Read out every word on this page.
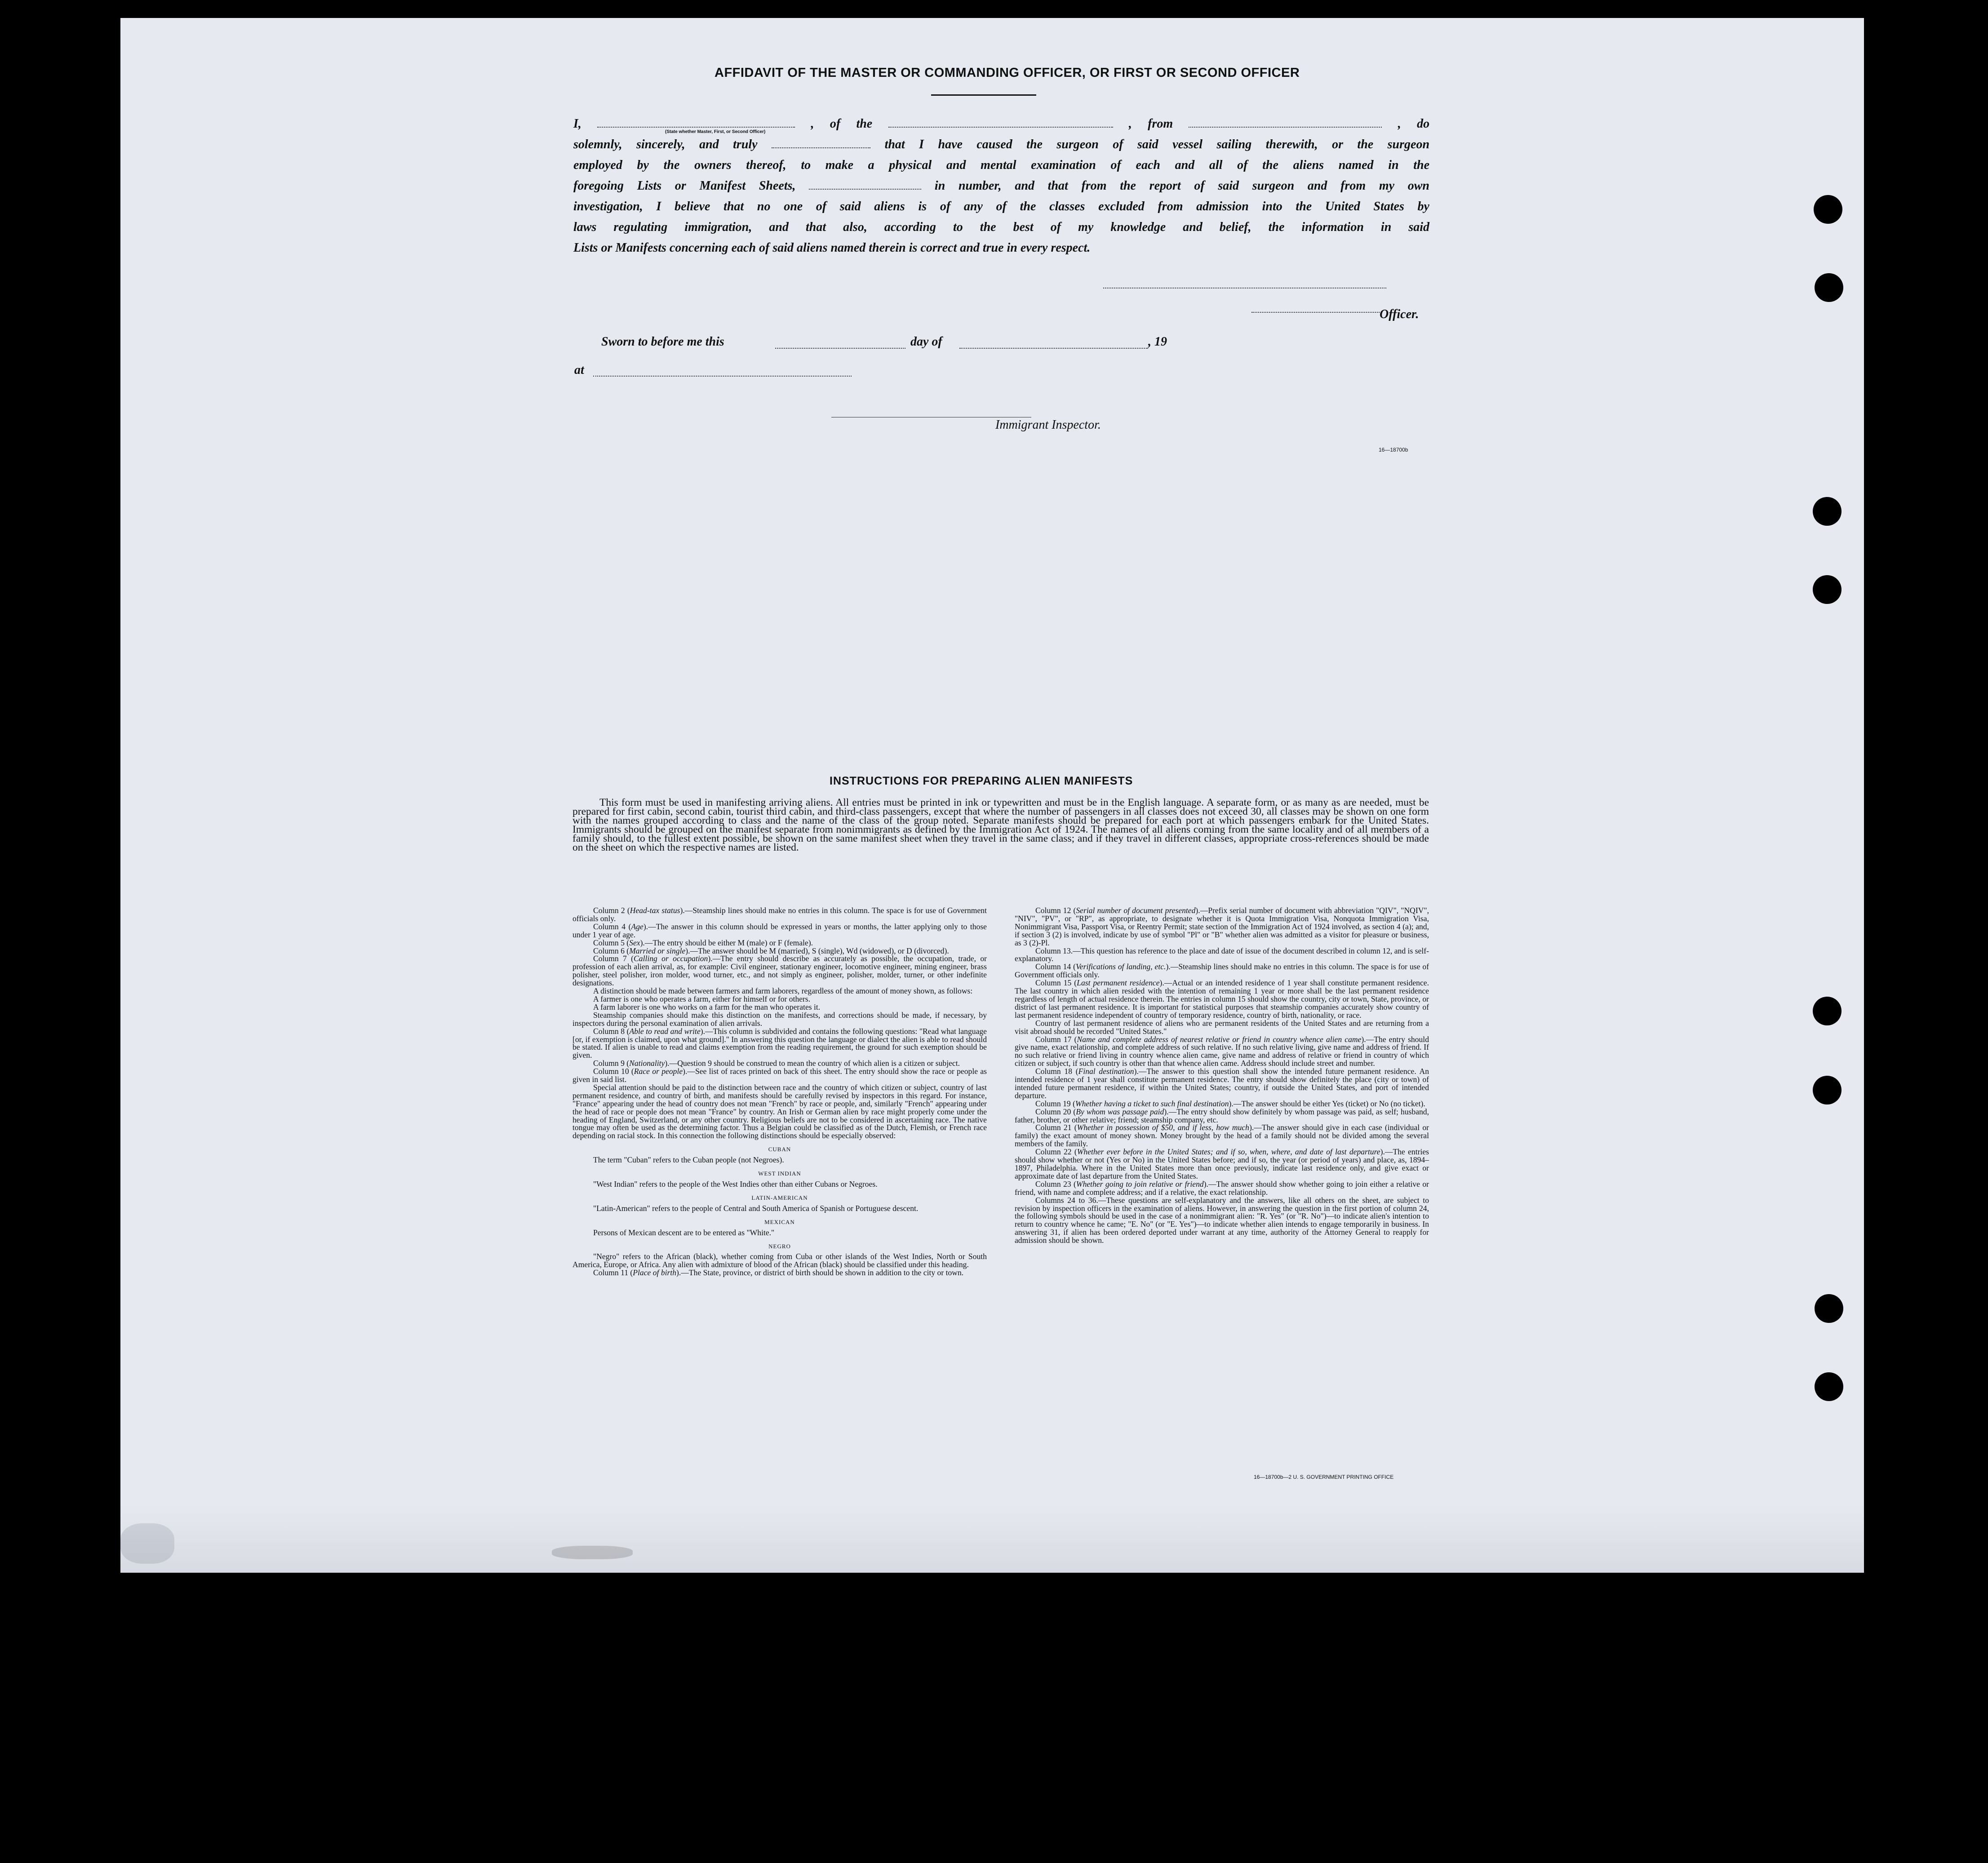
AFFIDAVIT OF THE MASTER OR COMMANDING OFFICER, OR FIRST OR SECOND OFFICER
I,	, of the	, from	, do
solemnly, sincerely, and truly	that I have caused the surgeon of said vessel sailing therewith, or the surgeon
employed by the owners thereof, to make a physical and mental examination of each and all of the aliens named in the
foregoing Lists or Manifest Sheets,	in number, and that from the report of said surgeon and from my own
investigation, I believe that no one of said aliens is of any of the classes excluded from admission into the United States by
laws regulating immigration, and that also, according to the best of my knowledge and belief, the information in said
Lists or Manifests concerning each of said aliens named therein is correct and true in every respect.
(State whether Master, First, or Second Officer)
Officer.
Sworn to before me this	day of	, 19
at
Immigrant Inspector.
16—18700b
INSTRUCTIONS FOR PREPARING ALIEN MANIFESTS

This form must be used in manifesting arriving aliens. All entries must be printed in ink or typewritten and must be in the English language. A separate form, or as many as are needed, must be prepared for first cabin, second cabin, tourist third cabin, and third-class passengers, except that where the number of passengers in all classes does not exceed 30, all classes may be shown on one form with the names grouped according to class and the name of the class of the group noted. Separate manifests should be prepared for each port at which passengers embark for the United States. Immigrants should be grouped on the manifest separate from nonimmigrants as defined by the Immigration Act of 1924. The names of all aliens coming from the same locality and of all members of a family should, to the fullest extent possible, be shown on the same manifest sheet when they travel in the same class; and if they travel in different classes, appropriate cross-references should be made on the sheet on which the respective names are listed.

Column 2 (Head-tax status).—Steamship lines should make no entries in this column. The space is for use of Government officials only.

Column 4 (Age).—The answer in this column should be expressed in years or months, the latter applying only to those under 1 year of age.

Column 5 (Sex).—The entry should be either M (male) or F (female).

Column 6 (Married or single).—The answer should be M (married), S (single), Wd (widowed), or D (divorced).

Column 7 (Calling or occupation).—The entry should describe as accurately as possible, the occupation, trade, or profession of each alien arrival, as, for example: Civil engineer, stationary engineer, locomotive engineer, mining engineer, brass polisher, steel polisher, iron molder, wood turner, etc., and not simply as engineer, polisher, molder, turner, or other indefinite designations.

A distinction should be made between farmers and farm laborers, regardless of the amount of money shown, as follows:

A farmer is one who operates a farm, either for himself or for others.

A farm laborer is one who works on a farm for the man who operates it.

Steamship companies should make this distinction on the manifests, and corrections should be made, if necessary, by inspectors during the personal examination of alien arrivals.

Column 8 (Able to read and write).—This column is subdivided and contains the following questions: "Read what language [or, if exemption is claimed, upon what ground]." In answering this question the language or dialect the alien is able to read should be stated. If alien is unable to read and claims exemption from the reading requirement, the ground for such exemption should be given.

Column 9 (Nationality).—Question 9 should be construed to mean the country of which alien is a citizen or subject.

Column 10 (Race or people).—See list of races printed on back of this sheet. The entry should show the race or people as given in said list.

Special attention should be paid to the distinction between race and the country of which citizen or subject, country of last permanent residence, and country of birth, and manifests should be carefully revised by inspectors in this regard. For instance, "France" appearing under the head of country does not mean "French" by race or people, and, similarly "French" appearing under the head of race or people does not mean "France" by country. An Irish or German alien by race might properly come under the heading of England, Switzerland, or any other country. Religious beliefs are not to be considered in ascertaining race. The native tongue may often be used as the determining factor. Thus a Belgian could be classified as of the Dutch, Flemish, or French race depending on racial stock. In this connection the following distinctions should be especially observed:

CUBAN

The term "Cuban" refers to the Cuban people (not Negroes).

WEST INDIAN

"West Indian" refers to the people of the West Indies other than either Cubans or Negroes.

LATIN-AMERICAN

"Latin-American" refers to the people of Central and South America of Spanish or Portuguese descent.

MEXICAN

Persons of Mexican descent are to be entered as "White."

NEGRO

"Negro" refers to the African (black), whether coming from Cuba or other islands of the West Indies, North or South America, Europe, or Africa. Any alien with admixture of blood of the African (black) should be classified under this heading.

Column 11 (Place of birth).—The State, province, or district of birth should be shown in addition to the city or town.

Column 12 (Serial number of document presented).—Prefix serial number of document with abbreviation "QIV", "NQIV", "NIV", "PV", or "RP", as appropriate, to designate whether it is Quota Immigration Visa, Nonquota Immigration Visa, Nonimmigrant Visa, Passport Visa, or Reentry Permit; state section of the Immigration Act of 1924 involved, as section 4 (a); and, if section 3 (2) is involved, indicate by use of symbol "Pl" or "B" whether alien was admitted as a visitor for pleasure or business, as 3 (2)-Pl.

Column 13.—This question has reference to the place and date of issue of the document described in column 12, and is self-explanatory.

Column 14 (Verifications of landing, etc.).—Steamship lines should make no entries in this column. The space is for use of Government officials only.

Column 15 (Last permanent residence).—Actual or an intended residence of 1 year shall constitute permanent residence. The last country in which alien resided with the intention of remaining 1 year or more shall be the last permanent residence regardless of length of actual residence therein. The entries in column 15 should show the country, city or town, State, province, or district of last permanent residence. It is important for statistical purposes that steamship companies accurately show country of last permanent residence independent of country of temporary residence, country of birth, nationality, or race.

Country of last permanent residence of aliens who are permanent residents of the United States and are returning from a visit abroad should be recorded "United States."

Column 17 (Name and complete address of nearest relative or friend in country whence alien came).—The entry should give name, exact relationship, and complete address of such relative. If no such relative living, give name and address of friend. If no such relative or friend living in country whence alien came, give name and address of relative or friend in country of which citizen or subject, if such country is other than that whence alien came. Address should include street and number.

Column 18 (Final destination).—The answer to this question shall show the intended future permanent residence. An intended residence of 1 year shall constitute permanent residence. The entry should show definitely the place (city or town) of intended future permanent residence, if within the United States; country, if outside the United States, and port of intended departure.

Column 19 (Whether having a ticket to such final destination).—The answer should be either Yes (ticket) or No (no ticket).

Column 20 (By whom was passage paid).—The entry should show definitely by whom passage was paid, as self; husband, father, brother, or other relative; friend; steamship company, etc.

Column 21 (Whether in possession of $50, and if less, how much).—The answer should give in each case (individual or family) the exact amount of money shown. Money brought by the head of a family should not be divided among the several members of the family.

Column 22 (Whether ever before in the United States; and if so, when, where, and date of last departure).—The entries should show whether or not (Yes or No) in the United States before; and if so, the year (or period of years) and place, as, 1894–1897, Philadelphia. Where in the United States more than once previously, indicate last residence only, and give exact or approximate date of last departure from the United States.

Column 23 (Whether going to join relative or friend).—The answer should show whether going to join either a relative or friend, with name and complete address; and if a relative, the exact relationship.

Columns 24 to 36.—These questions are self-explanatory and the answers, like all others on the sheet, are subject to revision by inspection officers in the examination of aliens. However, in answering the question in the first portion of column 24, the following symbols should be used in the case of a nonimmigrant alien: "R. Yes" (or "R. No")—to indicate alien's intention to return to country whence he came; "E. No" (or "E. Yes")—to indicate whether alien intends to engage temporarily in business. In answering 31, if alien has been ordered deported under warrant at any time, authority of the Attorney General to reapply for admission should be shown.

16—18700b—2 U. S. GOVERNMENT PRINTING OFFICE
